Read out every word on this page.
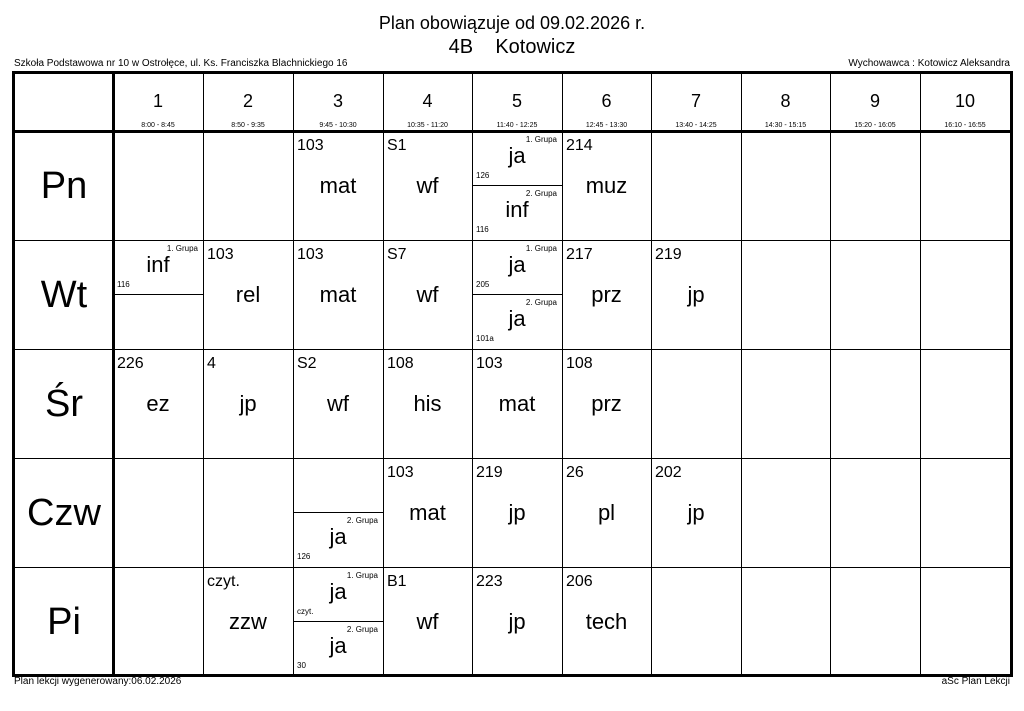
Plan obowiązuje od 09.02.2026 r.
4B    Kotowicz
Szkoła Podstawowa nr 10 w Ostrołęce, ul. Ks. Franciszka Blachnickiego 16	Wychowawca : Kotowicz Aleksandra
1
8:00 - 8:45
2
8:50 - 9:35
3
9:45 - 10:30
4
10:35 - 11:20
5
11:40 - 12:25
6
12:45 - 13:30
7
13:40 - 14:25
8
14:30 - 15:15
9
15:20 - 16:05
10
16:10 - 16:55
Pn
Wt
Śr
Czw
Pi
103
mat
S1
wf
1. Grupa
ja
126
2. Grupa
inf
116
214
muz
1. Grupa
inf
116
103
rel
103
mat
S7
wf
1. Grupa
ja
205
2. Grupa
ja
101a
217
prz
219
jp
226
ez
4
jp
S2
wf
108
his
103
mat
108
prz
2. Grupa
ja
126
103
mat
219
jp
26
pl
202
jp
czyt.
zzw
1. Grupa
ja
czyt.
2. Grupa
ja
30
B1
wf
223
jp
206
tech
Plan lekcji wygenerowany:06.02.2026	aSc Plan Lekcji
